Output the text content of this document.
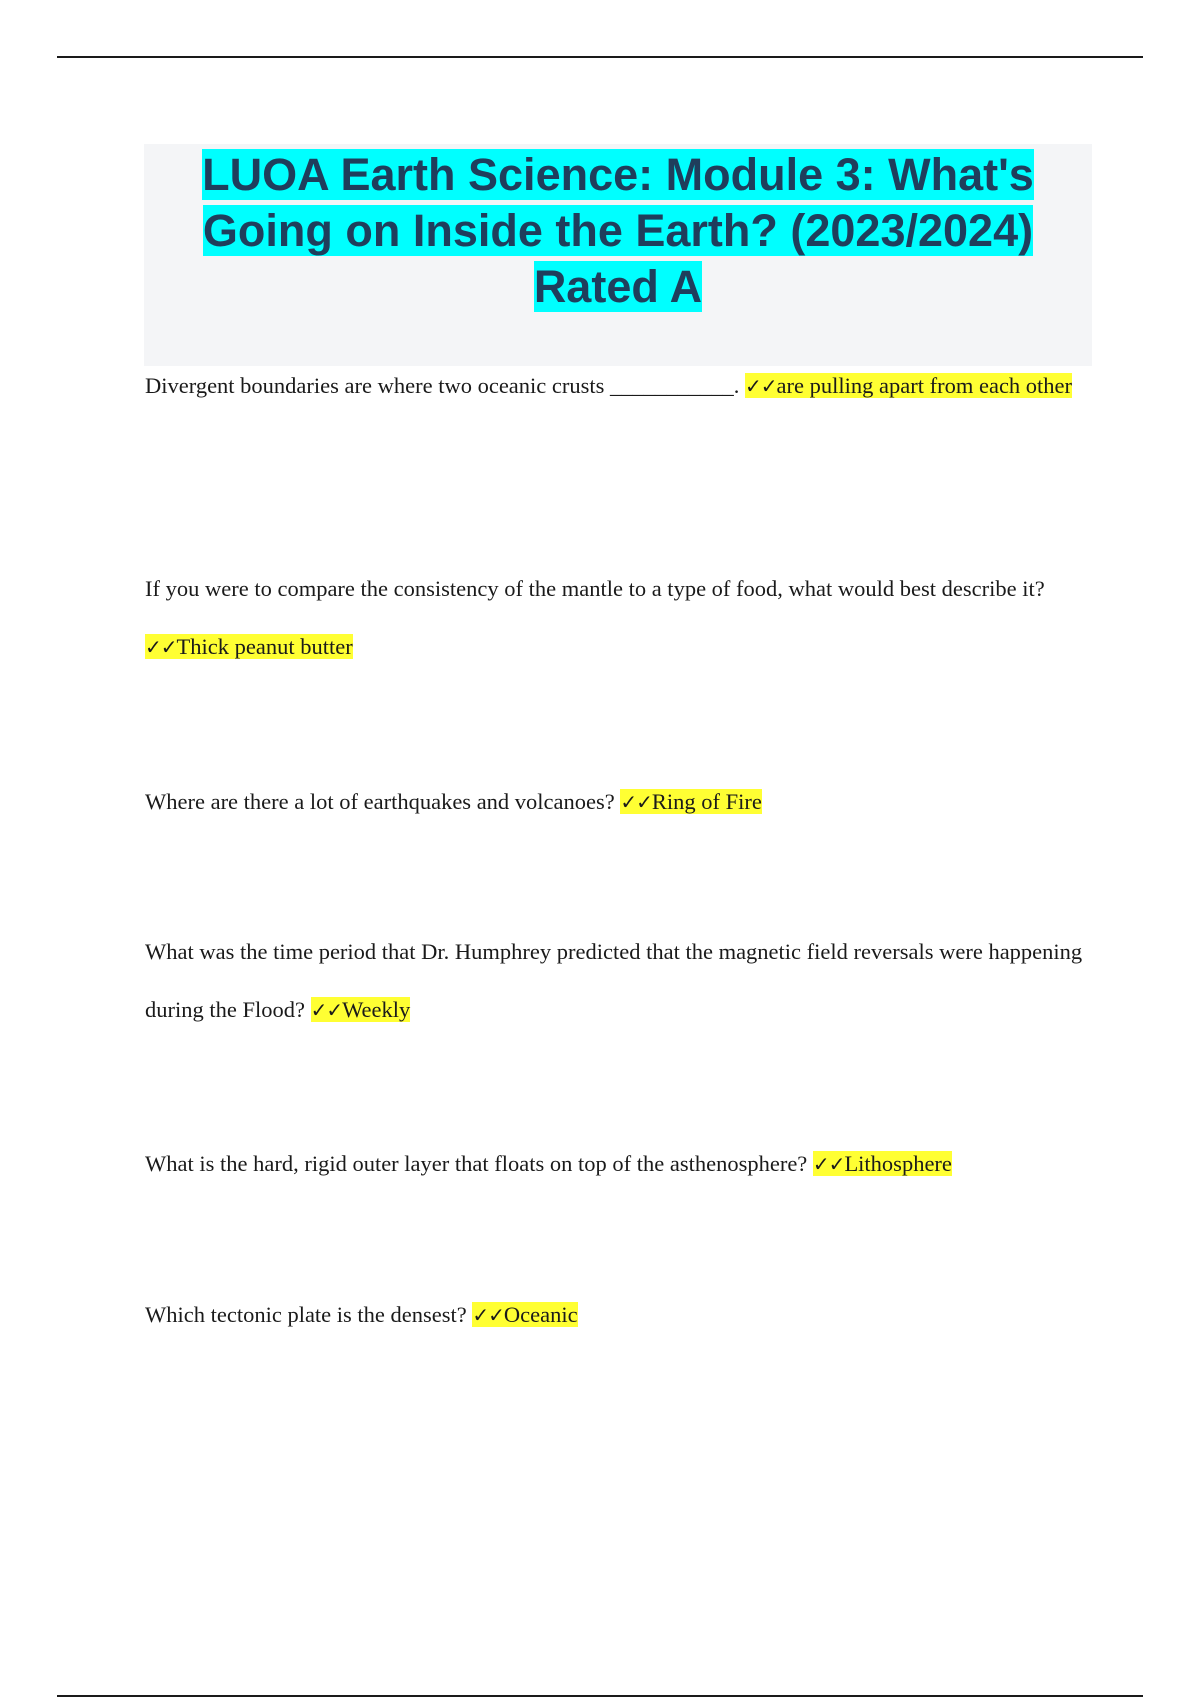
LUOA Earth Science: Module 3: What's Going on Inside the Earth? (2023/2024) Rated A

Divergent boundaries are where two oceanic crusts ___________. ✓✓are pulling apart from each other

If you were to compare the consistency of the mantle to a type of food, what would best describe it? ✓✓Thick peanut butter

Where are there a lot of earthquakes and volcanoes? ✓✓Ring of Fire

What was the time period that Dr. Humphrey predicted that the magnetic field reversals were happening during the Flood? ✓✓Weekly

What is the hard, rigid outer layer that floats on top of the asthenosphere? ✓✓Lithosphere

Which tectonic plate is the densest? ✓✓Oceanic
